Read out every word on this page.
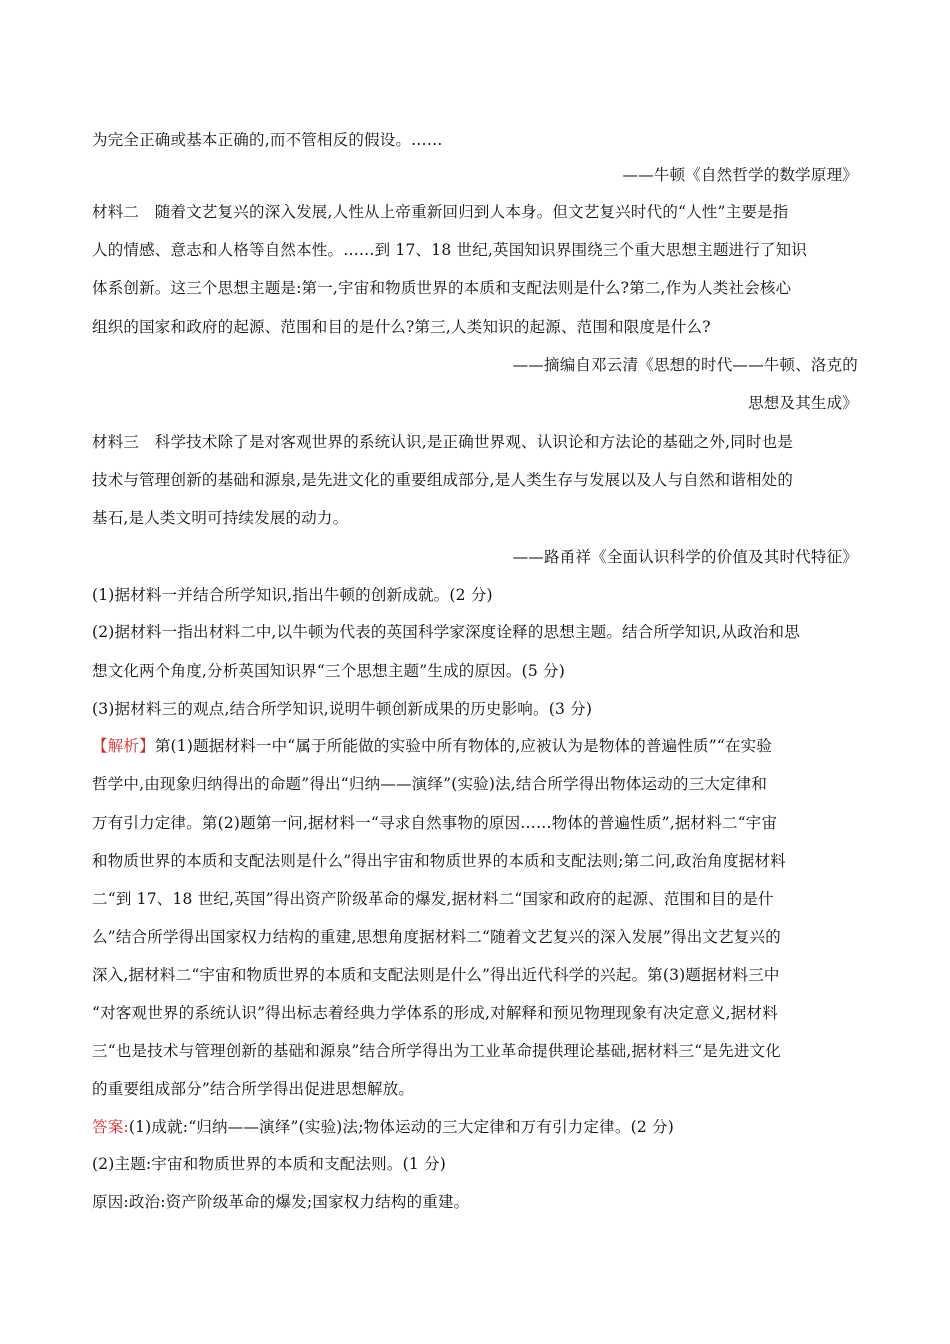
为完全正确或基本正确的,而不管相反的假设。……
——牛顿《自然哲学的数学原理》
材料二　随着文艺复兴的深入发展,人性从上帝重新回归到人本身。但文艺复兴时代的“人性”主要是指
人的情感、意志和人格等自然本性。……到 17、18 世纪,英国知识界围绕三个重大思想主题进行了知识
体系创新。这三个思想主题是:第一,宇宙和物质世界的本质和支配法则是什么?第二,作为人类社会核心
组织的国家和政府的起源、范围和目的是什么?第三,人类知识的起源、范围和限度是什么?
——摘编自邓云清《思想的时代——牛顿、洛克的
思想及其生成》
材料三　科学技术除了是对客观世界的系统认识,是正确世界观、认识论和方法论的基础之外,同时也是
技术与管理创新的基础和源泉,是先进文化的重要组成部分,是人类生存与发展以及人与自然和谐相处的
基石,是人类文明可持续发展的动力。
——路甬祥《全面认识科学的价值及其时代特征》
(1)据材料一并结合所学知识,指出牛顿的创新成就。(2 分)
(2)据材料一指出材料二中,以牛顿为代表的英国科学家深度诠释的思想主题。结合所学知识,从政治和思
想文化两个角度,分析英国知识界“三个思想主题”生成的原因。(5 分)
(3)据材料三的观点,结合所学知识,说明牛顿创新成果的历史影响。(3 分)
【解析】第(1)题据材料一中“属于所能做的实验中所有物体的,应被认为是物体的普遍性质”“在实验
哲学中,由现象归纳得出的命题”得出“归纳——演绎”(实验)法,结合所学得出物体运动的三大定律和
万有引力定律。第(2)题第一问,据材料一“寻求自然事物的原因……物体的普遍性质”,据材料二“宇宙
和物质世界的本质和支配法则是什么”得出宇宙和物质世界的本质和支配法则;第二问,政治角度据材料
二“到 17、18 世纪,英国”得出资产阶级革命的爆发,据材料二“国家和政府的起源、范围和目的是什
么”结合所学得出国家权力结构的重建,思想角度据材料二“随着文艺复兴的深入发展”得出文艺复兴的
深入,据材料二“宇宙和物质世界的本质和支配法则是什么”得出近代科学的兴起。第(3)题据材料三中
“对客观世界的系统认识”得出标志着经典力学体系的形成,对解释和预见物理现象有决定意义,据材料
三“也是技术与管理创新的基础和源泉”结合所学得出为工业革命提供理论基础,据材料三“是先进文化
的重要组成部分”结合所学得出促进思想解放。
答案:(1)成就:“归纳——演绎”(实验)法;物体运动的三大定律和万有引力定律。(2 分)
(2)主题:宇宙和物质世界的本质和支配法则。(1 分)
原因:政治:资产阶级革命的爆发;国家权力结构的重建。
